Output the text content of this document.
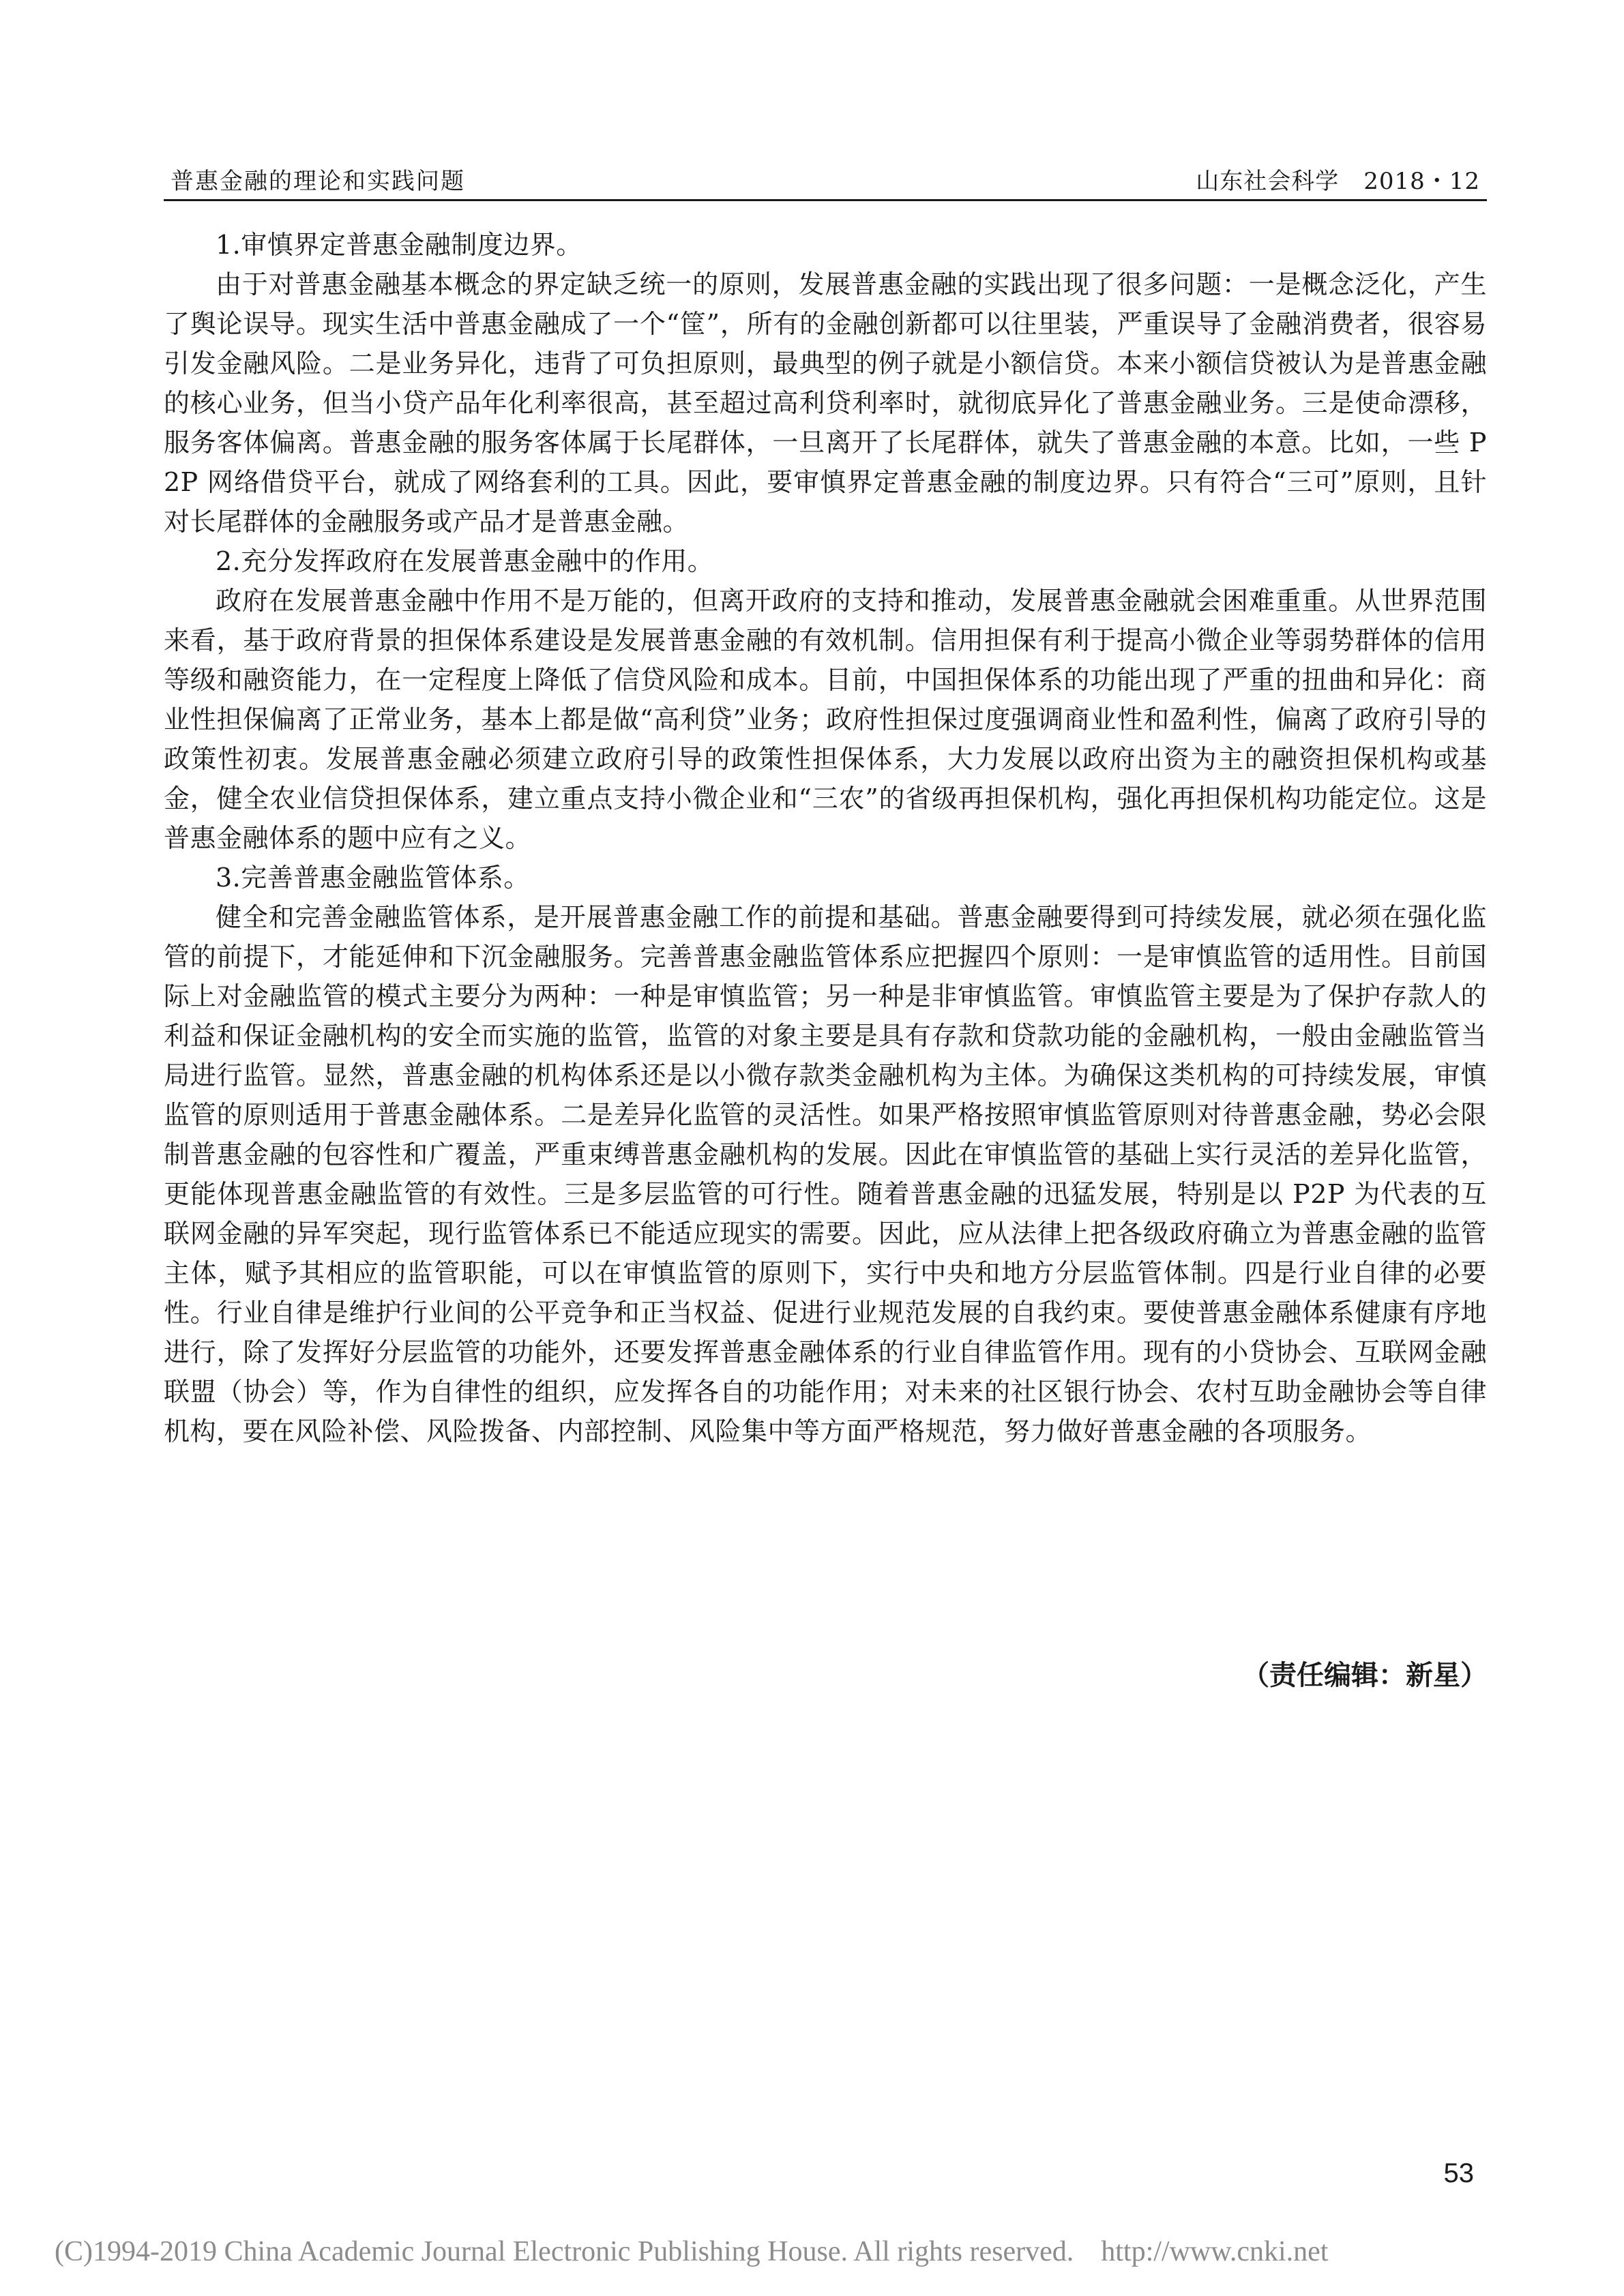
普惠金融的理论和实践问题	山东社会科学 2018・12

1.审慎界定普惠金融制度边界。

由于对普惠金融基本概念的界定缺乏统一的原则，发展普惠金融的实践出现了很多问题：一是概念泛化，产生了舆论误导。现实生活中普惠金融成了一个“筐”，所有的金融创新都可以往里装，严重误导了金融消费者，很容易引发金融风险。二是业务异化，违背了可负担原则，最典型的例子就是小额信贷。本来小额信贷被认为是普惠金融的核心业务，但当小贷产品年化利率很高，甚至超过高利贷利率时，就彻底异化了普惠金融业务。三是使命漂移，服务客体偏离。普惠金融的服务客体属于长尾群体，一旦离开了长尾群体，就失了普惠金融的本意。比如，一些 P2P 网络借贷平台，就成了网络套利的工具。因此，要审慎界定普惠金融的制度边界。只有符合“三可”原则，且针对长尾群体的金融服务或产品才是普惠金融。

2.充分发挥政府在发展普惠金融中的作用。

政府在发展普惠金融中作用不是万能的，但离开政府的支持和推动，发展普惠金融就会困难重重。从世界范围来看，基于政府背景的担保体系建设是发展普惠金融的有效机制。信用担保有利于提高小微企业等弱势群体的信用等级和融资能力，在一定程度上降低了信贷风险和成本。目前，中国担保体系的功能出现了严重的扭曲和异化：商业性担保偏离了正常业务，基本上都是做“高利贷”业务；政府性担保过度强调商业性和盈利性，偏离了政府引导的政策性初衷。发展普惠金融必须建立政府引导的政策性担保体系，大力发展以政府出资为主的融资担保机构或基金，健全农业信贷担保体系，建立重点支持小微企业和“三农”的省级再担保机构，强化再担保机构功能定位。这是普惠金融体系的题中应有之义。

3.完善普惠金融监管体系。

健全和完善金融监管体系，是开展普惠金融工作的前提和基础。普惠金融要得到可持续发展，就必须在强化监管的前提下，才能延伸和下沉金融服务。完善普惠金融监管体系应把握四个原则：一是审慎监管的适用性。目前国际上对金融监管的模式主要分为两种：一种是审慎监管；另一种是非审慎监管。审慎监管主要是为了保护存款人的利益和保证金融机构的安全而实施的监管，监管的对象主要是具有存款和贷款功能的金融机构，一般由金融监管当局进行监管。显然，普惠金融的机构体系还是以小微存款类金融机构为主体。为确保这类机构的可持续发展，审慎监管的原则适用于普惠金融体系。二是差异化监管的灵活性。如果严格按照审慎监管原则对待普惠金融，势必会限制普惠金融的包容性和广覆盖，严重束缚普惠金融机构的发展。因此在审慎监管的基础上实行灵活的差异化监管，更能体现普惠金融监管的有效性。三是多层监管的可行性。随着普惠金融的迅猛发展，特别是以 P2P 为代表的互联网金融的异军突起，现行监管体系已不能适应现实的需要。因此，应从法律上把各级政府确立为普惠金融的监管主体，赋予其相应的监管职能，可以在审慎监管的原则下，实行中央和地方分层监管体制。四是行业自律的必要性。行业自律是维护行业间的公平竞争和正当权益、促进行业规范发展的自我约束。要使普惠金融体系健康有序地进行，除了发挥好分层监管的功能外，还要发挥普惠金融体系的行业自律监管作用。现有的小贷协会、互联网金融联盟（协会）等，作为自律性的组织，应发挥各自的功能作用；对未来的社区银行协会、农村互助金融协会等自律机构，要在风险补偿、风险拨备、内部控制、风险集中等方面严格规范，努力做好普惠金融的各项服务。

（责任编辑：新星）
53
(C)1994-2019 China Academic Journal Electronic Publishing House. All rights reserved. http://www.cnki.net
